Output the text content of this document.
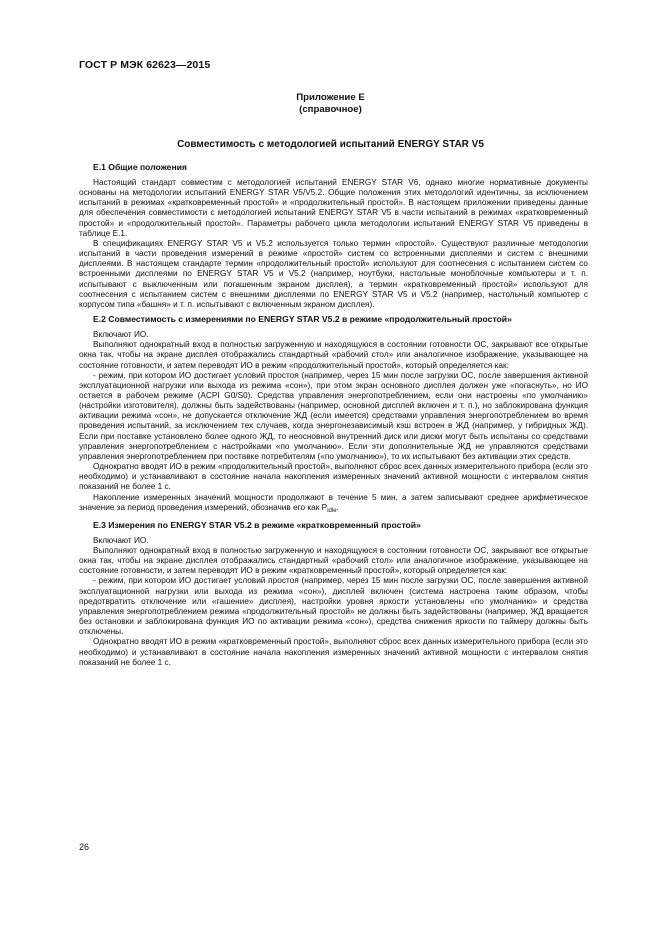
ГОСТ Р МЭК 62623—2015
Приложение Е
(справочное)
Совместимость с методологией испытаний ENERGY STAR V5
Е.1 Общие положения

Настоящий стандарт совместим с методологией испытаний ENERGY STAR V6, однако многие нормативные документы основаны на методологии испытаний ENERGY STAR V5/V5.2. Общие положения этих методологий идентичны, за исключением испытаний в режимах «кратковременный простой» и «продолжительный простой». В настоящем приложении приведены данные для обеспечения совместимости с методологией испытаний ENERGY STAR V5 в части испытаний в режимах «кратковременный простой» и «продолжительный простой». Параметры рабочего цикла методологии испытаний ENERGY STAR V5 приведены в таблице Е.1.

В спецификациях ENERGY STAR V5 и V5.2 используется только термин «простой». Существуют различные методологии испытаний в части проведения измерений в режиме «простой» систем со встроенными дисплеями и систем с внешними дисплеями. В настоящем стандарте термин «продолжительный простой» используют для соотнесения с испытанием систем со встроенными дисплеями по ENERGY STAR V5 и V5.2 (например, ноутбуки, настольные моноблочные компьютеры и т. п. испытывают с выключенным или погашенным экраном дисплея), а термин «кратковременный простой» используют для соотнесения с испытанием систем с внешними дисплеями по ENERGY STAR V5 и V5.2 (например, настольный компьютер с корпусом типа «башня» и т. п. испытывают с включенным экраном дисплея).

Е.2 Совместимость с измерениями по ENERGY STAR V5.2 в режиме «продолжительный простой»

Включают ИО.

Выполняют однократный вход в полностью загруженную и находящуюся в состоянии готовности ОС, закрывают все открытые окна так, чтобы на экране дисплея отображались стандартный «рабочий стол» или аналогичное изображение, указывающее на состояние готовности, и затем переводят ИО в режим «продолжительный простой», который определяется как:

- режим, при котором ИО достигает условий простоя (например, через 15 мин после загрузки ОС, после завершения активной эксплуатационной нагрузки или выхода из режима «сон»), при этом экран основного дисплея должен уже «погаснуть», но ИО остается в рабочем режиме (ACPI G0/S0). Средства управления энергопотреблением, если они настроены «по умолчанию» (настройки изготовителя), должны быть задействованы (например, основной дисплей включен и т. п.), но заблокирована функция активации режима «сон», не допускается отключение ЖД (если имеется) средствами управления энергопотреблением во время проведения испытаний, за исключением тех случаев, когда энергонезависимый кэш встроен в ЖД (например, у гибридных ЖД). Если при поставке установлено более одного ЖД, то неосновной внутренний диск или диски могут быть испытаны со средствами управления энергопотреблением с настройками «по умолчанию». Если эти дополнительные ЖД не управляются средствами управления энергопотреблением при поставке потребителям («по умолчанию»), то их испытывают без активации этих средств.

Однократно вводят ИО в режим «продолжительный простой», выполняют сброс всех данных измерительного прибора (если это необходимо) и устанавливают в состояние начала накопления измеренных значений активной мощности с интервалом снятия показаний не более 1 с.

Накопление измеренных значений мощности продолжают в течение 5 мин, а затем записывают среднее арифметическое значение за период проведения измерений, обозначив его как $P_{idle}$.

Е.3 Измерения по ENERGY STAR V5.2 в режиме «кратковременный простой»

Включают ИО.

Выполняют однократный вход в полностью загруженную и находящуюся в состоянии готовности ОС, закрывают все открытые окна так, чтобы на экране дисплея отображались стандартный «рабочий стол» или аналогичное изображение, указывающее на состояние готовности, и затем переводят ИО в режим «кратковременный простой», который определяется как:

- режим, при котором ИО достигает условий простоя (например, через 15 мин после загрузки ОС, после завершения активной эксплуатационной нагрузки или выхода из режима «сон»), дисплей включен (система настроена таким образом, чтобы предотвратить отключение или «гашение» дисплея), настройки уровня яркости установлены «по умолчанию» и средства управления энергопотреблением режима «продолжительный простой» не должны быть задействованы (например, ЖД вращается без остановки и заблокирована функция ИО по активации режима «сон»), средства снижения яркости по таймеру должны быть отключены.

Однократно вводят ИО в режим «кратковременный простой», выполняют сброс всех данных измерительного прибора (если это необходимо) и устанавливают в состояние начала накопления измеренных значений активной мощности с интервалом снятия показаний не более 1 с.

26
